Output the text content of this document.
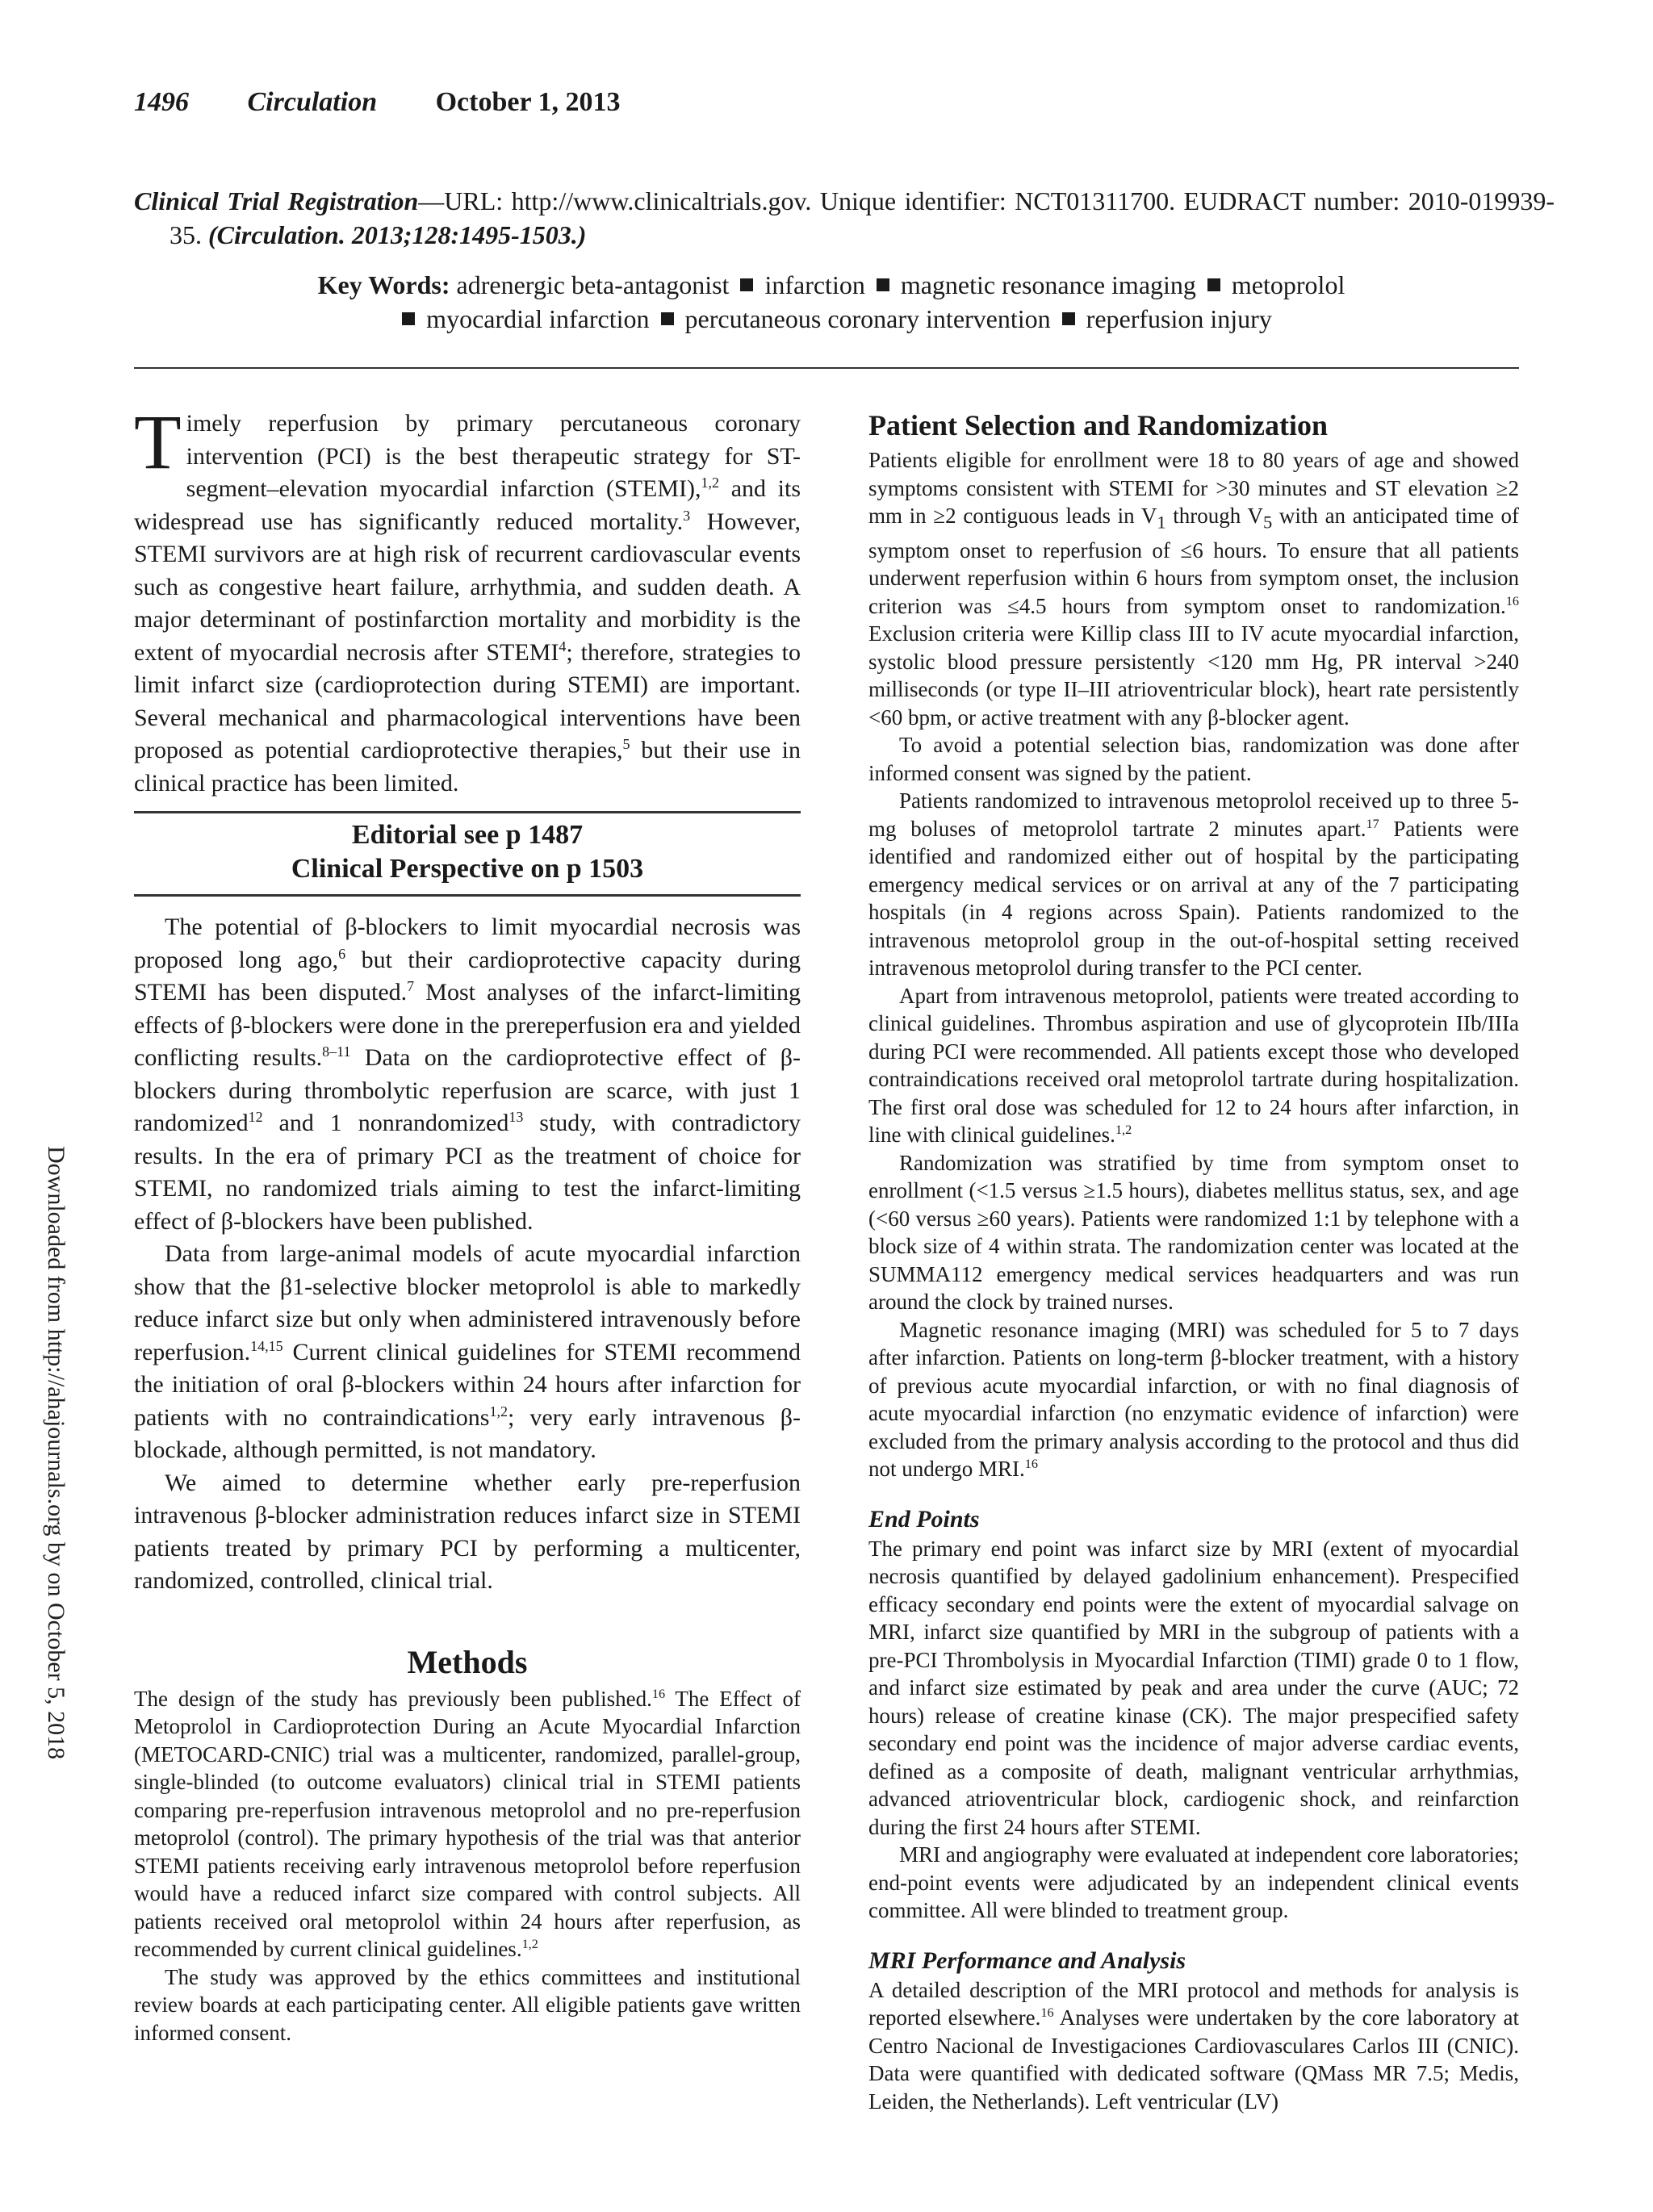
1496 Circulation October 1, 2013
Clinical Trial Registration—URL: http://www.clinicaltrials.gov. Unique identifier: NCT01311700. EUDRACT number: 2010-019939-35. (Circulation. 2013;128:1495-1503.)
Key Words: adrenergic beta-antagonist infarction magnetic resonance imaging metoprolol
myocardial infarction percutaneous coronary intervention reperfusion injury
Downloaded from http://ahajournals.org by on October 5, 2018

Timely reperfusion by primary percutaneous coronary intervention (PCI) is the best therapeutic strategy for ST-segment–elevation myocardial infarction (STEMI),$^{1,2}$ and its widespread use has significantly reduced mortality.$^3$ However, STEMI survivors are at high risk of recurrent cardiovascular events such as congestive heart failure, arrhythmia, and sudden death. A major determinant of postinfarction mortality and morbidity is the extent of myocardial necrosis after STEMI$^4$; therefore, strategies to limit infarct size (cardioprotection during STEMI) are important. Several mechanical and pharmacological interventions have been proposed as potential cardioprotective therapies,$^5$ but their use in clinical practice has been limited.

Editorial see p 1487
Clinical Perspective on p 1503

The potential of β-blockers to limit myocardial necrosis was proposed long ago,$^6$ but their cardioprotective capacity during STEMI has been disputed.$^7$ Most analyses of the infarct-limiting effects of β-blockers were done in the prereperfusion era and yielded conflicting results.$^{8-11}$ Data on the cardioprotective effect of β-blockers during thrombolytic reperfusion are scarce, with just 1 randomized$^{12}$ and 1 nonrandomized$^{13}$ study, with contradictory results. In the era of primary PCI as the treatment of choice for STEMI, no randomized trials aiming to test the infarct-limiting effect of β-blockers have been published.

Data from large-animal models of acute myocardial infarction show that the β1-selective blocker metoprolol is able to markedly reduce infarct size but only when administered intravenously before reperfusion.$^{14,15}$ Current clinical guidelines for STEMI recommend the initiation of oral β-blockers within 24 hours after infarction for patients with no contraindications$^{1,2}$; very early intravenous β-blockade, although permitted, is not mandatory.

We aimed to determine whether early pre-reperfusion intravenous β-blocker administration reduces infarct size in STEMI patients treated by primary PCI by performing a multicenter, randomized, controlled, clinical trial.

Methods

The design of the study has previously been published.$^{16}$ The Effect of Metoprolol in Cardioprotection During an Acute Myocardial Infarction (METOCARD-CNIC) trial was a multicenter, randomized, parallel-group, single-blinded (to outcome evaluators) clinical trial in STEMI patients comparing pre-reperfusion intravenous metoprolol and no pre-reperfusion metoprolol (control). The primary hypothesis of the trial was that anterior STEMI patients receiving early intravenous metoprolol before reperfusion would have a reduced infarct size compared with control subjects. All patients received oral metoprolol within 24 hours after reperfusion, as recommended by current clinical guidelines.$^{1,2}$

The study was approved by the ethics committees and institutional review boards at each participating center. All eligible patients gave written informed consent.

Patient Selection and Randomization

Patients eligible for enrollment were 18 to 80 years of age and showed symptoms consistent with STEMI for >30 minutes and ST elevation ≥2 mm in ≥2 contiguous leads in $V_1$ through $V_5$ with an anticipated time of symptom onset to reperfusion of ≤6 hours. To ensure that all patients underwent reperfusion within 6 hours from symptom onset, the inclusion criterion was ≤4.5 hours from symptom onset to randomization.$^{16}$ Exclusion criteria were Killip class III to IV acute myocardial infarction, systolic blood pressure persistently <120 mm Hg, PR interval >240 milliseconds (or type II–III atrioventricular block), heart rate persistently <60 bpm, or active treatment with any β-blocker agent.

To avoid a potential selection bias, randomization was done after informed consent was signed by the patient.

Patients randomized to intravenous metoprolol received up to three 5-mg boluses of metoprolol tartrate 2 minutes apart.$^{17}$ Patients were identified and randomized either out of hospital by the participating emergency medical services or on arrival at any of the 7 participating hospitals (in 4 regions across Spain). Patients randomized to the intravenous metoprolol group in the out-of-hospital setting received intravenous metoprolol during transfer to the PCI center.

Apart from intravenous metoprolol, patients were treated according to clinical guidelines. Thrombus aspiration and use of glycoprotein IIb/IIIa during PCI were recommended. All patients except those who developed contraindications received oral metoprolol tartrate during hospitalization. The first oral dose was scheduled for 12 to 24 hours after infarction, in line with clinical guidelines.$^{1,2}$

Randomization was stratified by time from symptom onset to enrollment (<1.5 versus ≥1.5 hours), diabetes mellitus status, sex, and age (<60 versus ≥60 years). Patients were randomized 1:1 by telephone with a block size of 4 within strata. The randomization center was located at the SUMMA112 emergency medical services headquarters and was run around the clock by trained nurses.

Magnetic resonance imaging (MRI) was scheduled for 5 to 7 days after infarction. Patients on long-term β-blocker treatment, with a history of previous acute myocardial infarction, or with no final diagnosis of acute myocardial infarction (no enzymatic evidence of infarction) were excluded from the primary analysis according to the protocol and thus did not undergo MRI.$^{16}$

End Points

The primary end point was infarct size by MRI (extent of myocardial necrosis quantified by delayed gadolinium enhancement). Prespecified efficacy secondary end points were the extent of myocardial salvage on MRI, infarct size quantified by MRI in the subgroup of patients with a pre-PCI Thrombolysis in Myocardial Infarction (TIMI) grade 0 to 1 flow, and infarct size estimated by peak and area under the curve (AUC; 72 hours) release of creatine kinase (CK). The major prespecified safety secondary end point was the incidence of major adverse cardiac events, defined as a composite of death, malignant ventricular arrhythmias, advanced atrioventricular block, cardiogenic shock, and reinfarction during the first 24 hours after STEMI.

MRI and angiography were evaluated at independent core laboratories; end-point events were adjudicated by an independent clinical events committee. All were blinded to treatment group.

MRI Performance and Analysis

A detailed description of the MRI protocol and methods for analysis is reported elsewhere.$^{16}$ Analyses were undertaken by the core laboratory at Centro Nacional de Investigaciones Cardiovasculares Carlos III (CNIC). Data were quantified with dedicated software (QMass MR 7.5; Medis, Leiden, the Netherlands). Left ventricular (LV)
